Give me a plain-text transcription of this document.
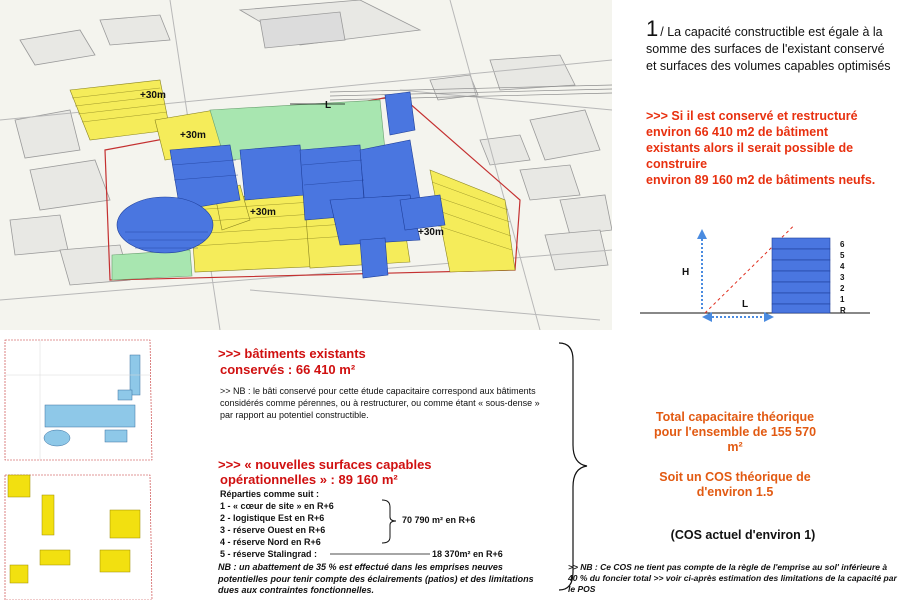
+30m
+30m
+30m
+30m
L
1 / La capacité constructible est égale à la somme des surfaces de l'existant conservé et surfaces des volumes capables optimisés
>>> Si il est conservé et restructuré
environ 66 410 m2 de bâtiment
existants alors il serait possible de
construire
environ 89 160 m2 de bâtiments neufs.
6
5
4
3
2
1
R
H
L
>>> bâtiments existants
conservés : 66 410 m²
>> NB : le bâti conservé pour cette étude capacitaire correspond aux bâtiments considérés comme pérennes, ou à restructurer, ou comme étant « sous-dense » par rapport au potentiel constructible.
>>> « nouvelles surfaces capables
opérationnelles » : 89 160 m²
Réparties comme suit :
1 - « cœur de site » en R+6
2 - logistique Est en R+6
3 - réserve Ouest en R+6
4 - réserve Nord en R+6
5 - réserve Stalingrad :
70 790 m² en R+6
18 370m² en R+6
NB : un abattement de 35 % est effectué dans les emprises neuves potentielles pour tenir compte des éclairements (patios) et des limitations dues aux contraintes fonctionnelles.
Total capacitaire théorique
pour l'ensemble de 155 570
m²
Soit un COS théorique de
d'environ 1.5
(COS actuel d'environ 1)
>> NB : Ce COS ne tient pas compte de la règle de l'emprise au sol' inférieure à 40 % du foncier total >> voir ci-après estimation des limitations de la capacité par le POS
